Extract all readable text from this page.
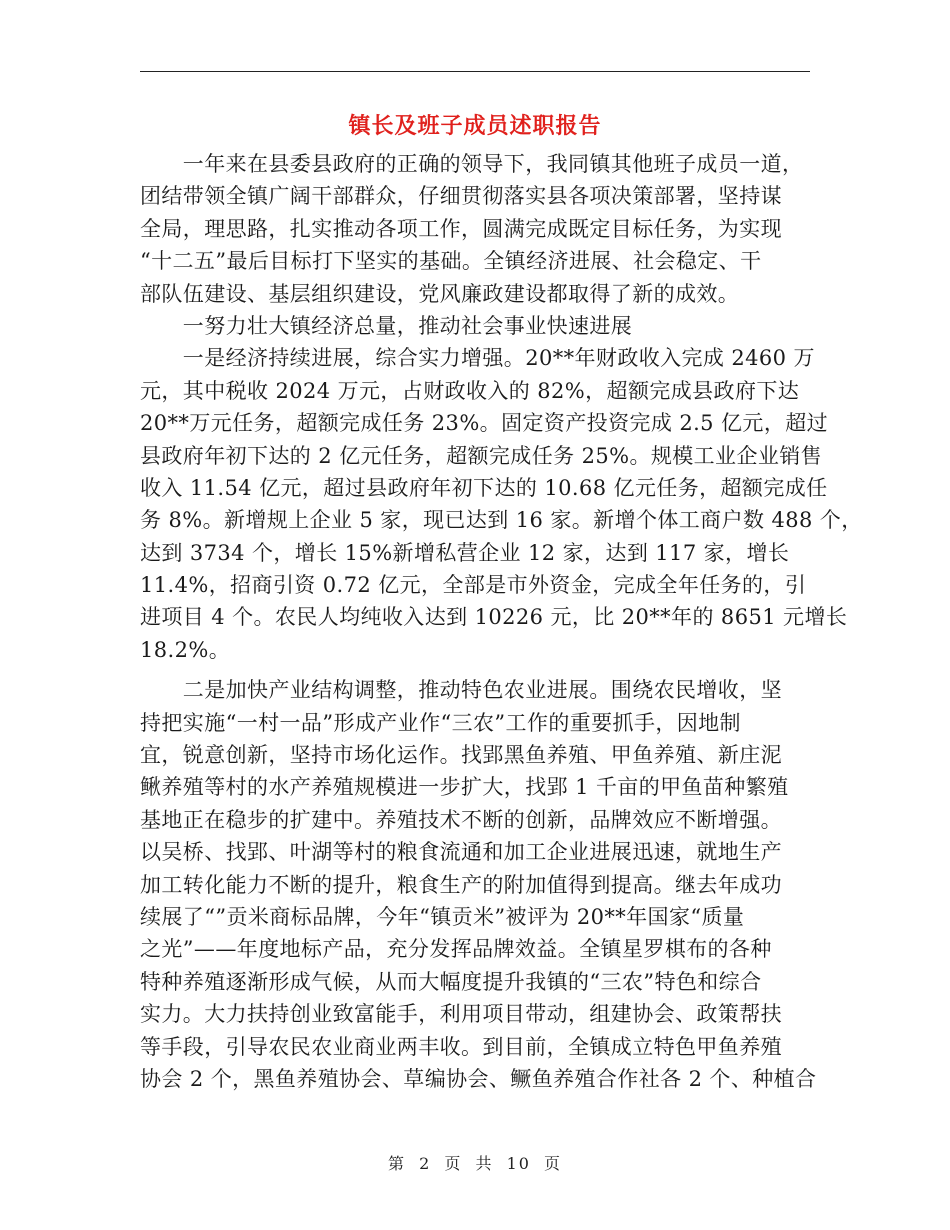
镇长及班子成员述职报告
　　一年来在县委县政府的正确的领导下，我同镇其他班子成员一道，
团结带领全镇广阔干部群众，仔细贯彻落实县各项决策部署，坚持谋
全局，理思路，扎实推动各项工作，圆满完成既定目标任务，为实现
“十二五”最后目标打下坚实的基础。全镇经济进展、社会稳定、干
部队伍建设、基层组织建设，党风廉政建设都取得了新的成效。
　　一努力壮大镇经济总量，推动社会事业快速进展
　　一是经济持续进展，综合实力增强。20**年财政收入完成 2460 万
元，其中税收 2024 万元，占财政收入的 82%，超额完成县政府下达
20**万元任务，超额完成任务 23%。固定资产投资完成 2.5 亿元，超过
县政府年初下达的 2 亿元任务，超额完成任务 25%。规模工业企业销售
收入 11.54 亿元，超过县政府年初下达的 10.68 亿元任务，超额完成任
务 8%。新增规上企业 5 家，现已达到 16 家。新增个体工商户数 488 个，
达到 3734 个，增长 15%新增私营企业 12 家，达到 117 家，增长
11.4%，招商引资 0.72 亿元，全部是市外资金，完成全年任务的，引
进项目 4 个。农民人均纯收入达到 10226 元，比 20**年的 8651 元增长
18.2%。
　　二是加快产业结构调整，推动特色农业进展。围绕农民增收，坚
持把实施“一村一品”形成产业作“三农”工作的重要抓手，因地制
宜，锐意创新，坚持市场化运作。找郢黑鱼养殖、甲鱼养殖、新庄泥
鳅养殖等村的水产养殖规模进一步扩大，找郢 1 千亩的甲鱼苗种繁殖
基地正在稳步的扩建中。养殖技术不断的创新，品牌效应不断增强。
以吴桥、找郢、叶湖等村的粮食流通和加工企业进展迅速，就地生产
加工转化能力不断的提升，粮食生产的附加值得到提高。继去年成功
续展了“”贡米商标品牌，今年“镇贡米”被评为 20**年国家“质量
之光”——年度地标产品，充分发挥品牌效益。全镇星罗棋布的各种
特种养殖逐渐形成气候，从而大幅度提升我镇的“三农”特色和综合
实力。大力扶持创业致富能手，利用项目带动，组建协会、政策帮扶
等手段，引导农民农业商业两丰收。到目前，全镇成立特色甲鱼养殖
协会 2 个，黑鱼养殖协会、草编协会、鳜鱼养殖合作社各 2 个、种植合
第 2 页 共 10 页
